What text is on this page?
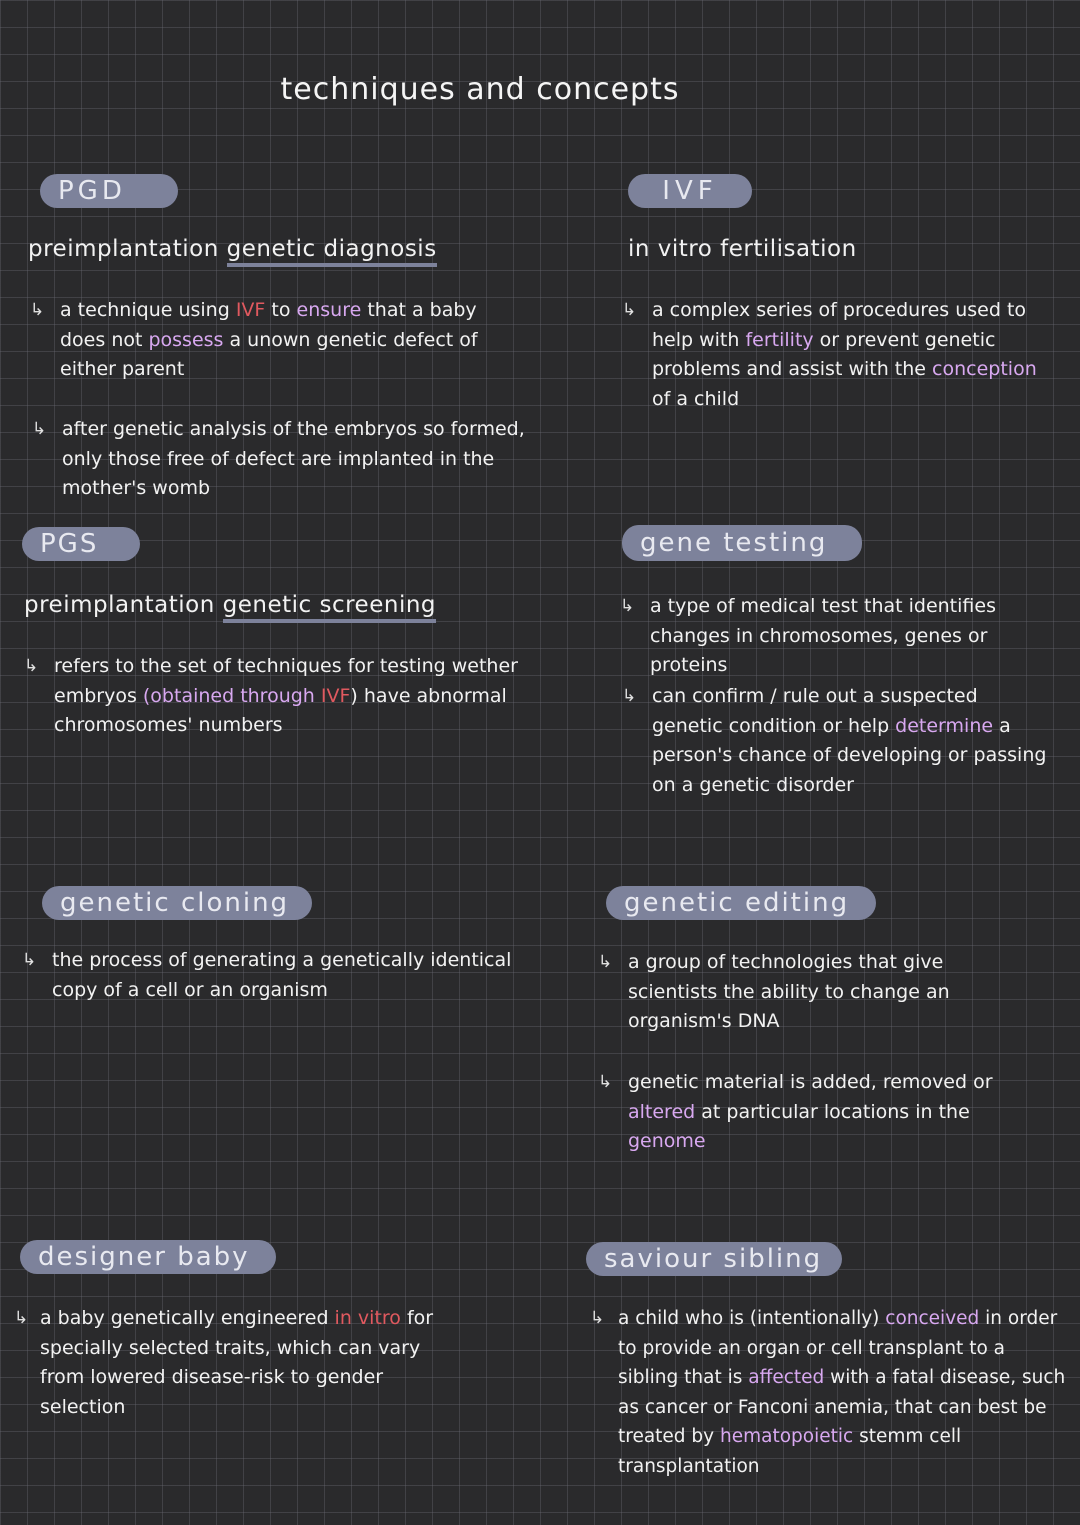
techniques and concepts
PGD
preimplantation genetic diagnosis
↳ a technique using IVF to ensure that a baby does not possess a unown genetic defect of either parent
↳ after genetic analysis of the embryos so formed, only those free of defect are implanted in the mother's womb
IVF
in vitro fertilisation
↳ a complex series of procedures used to help with fertility or prevent genetic problems and assist with the conception of a child
PGS
preimplantation genetic screening
↳ refers to the set of techniques for testing wether embryos (obtained through IVF) have abnormal chromosomes' numbers
gene testing
↳ a type of medical test that identifies changes in chromosomes, genes or proteins
↳ can confirm / rule out a suspected genetic condition or help determine a person's chance of developing or passing on a genetic disorder
genetic cloning
↳ the process of generating a genetically identical copy of a cell or an organism
genetic editing
↳ a group of technologies that give scientists the ability to change an organism's DNA
↳ genetic material is added, removed or altered at particular locations in the genome
designer baby
↳ a baby genetically engineered in vitro for specially selected traits, which can vary from lowered disease-risk to gender selection
saviour sibling
↳ a child who is (intentionally) conceived in order to provide an organ or cell transplant to a sibling that is affected with a fatal disease, such as cancer or Fanconi anemia, that can best be treated by hematopoietic stemm cell transplantation
